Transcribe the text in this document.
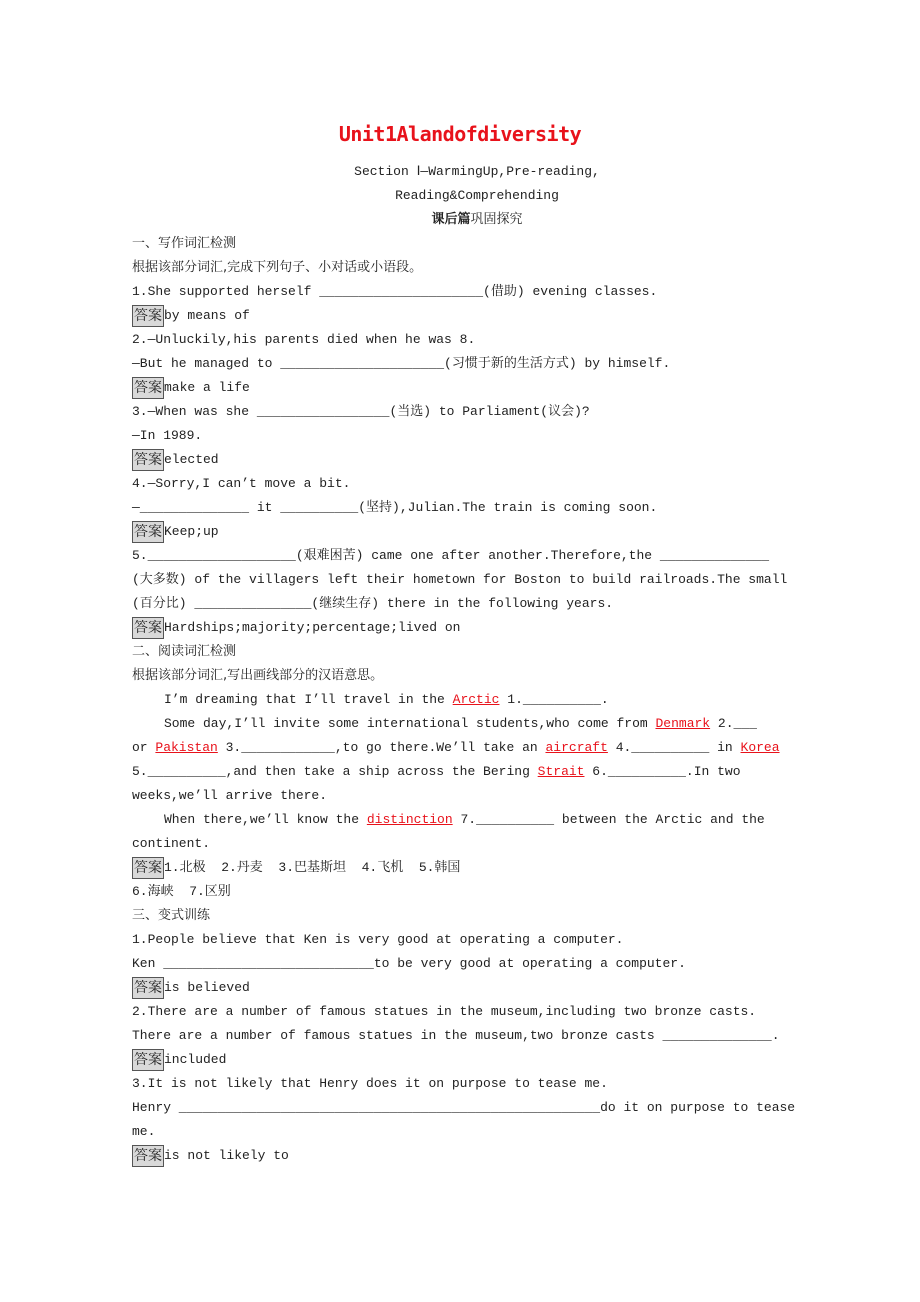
Unit1Alandofdiversity
Section Ⅰ—WarmingUp,Pre-reading,
Reading&Comprehending
课后篇巩固探究
一、写作词汇检测
根据该部分词汇,完成下列句子、小对话或小语段。
1.She supported herself _____________________(借助) evening classes.
答案 by means of
2.—Unluckily,his parents died when he was 8.
—But he managed to _____________________(习惯于新的生活方式) by himself.
答案 make a life
3.—When was she _________________(当选) to Parliament(议会)?
—In 1989.
答案 elected
4.—Sorry,I can’t move a bit.
—______________ it __________(坚持),Julian.The train is coming soon.
答案 Keep;up
5.___________________(艰难困苦) came one after another.Therefore,the ______________
(大多数) of the villagers left their hometown for Boston to build railroads.The small
(百分比) _______________(继续生存) there in the following years.
答案 Hardships;majority;percentage;lived on
二、阅读词汇检测
根据该部分词汇,写出画线部分的汉语意思。
I’m dreaming that I’ll travel in the Arctic 1.__________.
Some day,I’ll invite some international students,who come from Denmark 2.___
or Pakistan 3.____________,to go there.We’ll take an aircraft 4.__________ in Korea
5.__________,and then take a ship across the Bering Strait 6.__________.In two
weeks,we’ll arrive there.
When there,we’ll know the distinction 7.__________ between the Arctic and the
continent.
答案 1.北极  2.丹麦  3.巴基斯坦  4.飞机  5.韩国
6.海峡  7.区别
三、变式训练
1.People believe that Ken is very good at operating a computer.
Ken ___________________________to be very good at operating a computer.
答案 is believed
2.There are a number of famous statues in the museum,including two bronze casts.
There are a number of famous statues in the museum,two bronze casts ______________.
答案 included
3.It is not likely that Henry does it on purpose to tease me.
Henry ______________________________________________________do it on purpose to tease
me.
答案 is not likely to
